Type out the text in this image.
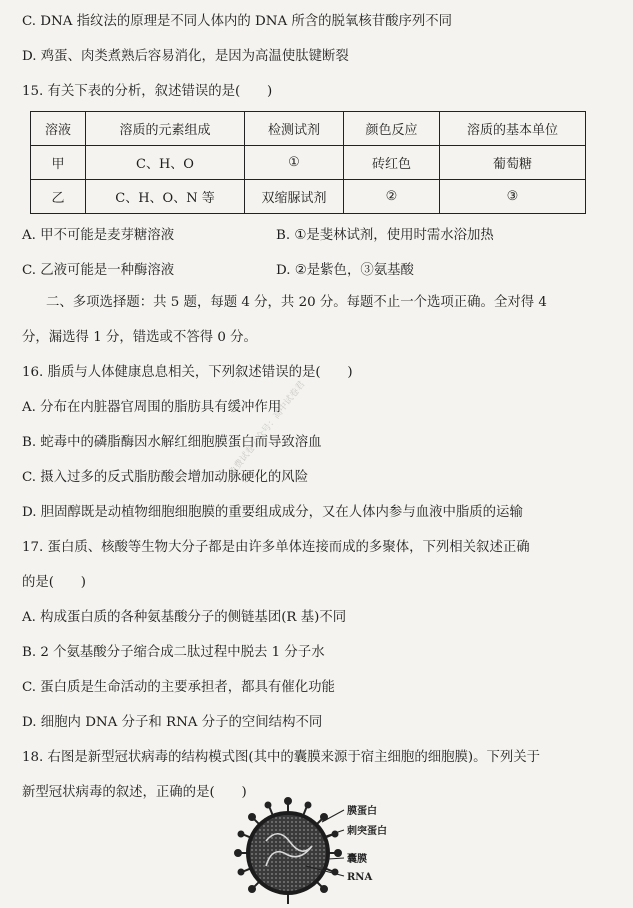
C. DNA 指纹法的原理是不同人体内的 DNA 所含的脱氧核苷酸序列不同
D. 鸡蛋、肉类煮熟后容易消化，是因为高温使肽键断裂
15. 有关下表的分析，叙述错误的是(　　)
溶液	溶质的元素组成	检测试剂	颜色反应	溶质的基本单位
甲	C、H、O	①	砖红色	葡萄糖
乙	C、H、O、N 等	双缩脲试剂	②	③
A. 甲不可能是麦芽糖溶液	B. ①是斐林试剂，使用时需水浴加热
C. 乙液可能是一种酶溶液	D. ②是紫色，③氨基酸
二、多项选择题：共 5 题，每题 4 分，共 20 分。每题不止一个选项正确。全对得 4
分，漏选得 1 分，错选或不答得 0 分。
16. 脂质与人体健康息息相关，下列叙述错误的是(　　)
A. 分布在内脏器官周围的脂肪具有缓冲作用
B. 蛇毒中的磷脂酶因水解红细胞膜蛋白而导致溶血
C. 摄入过多的反式脂肪酸会增加动脉硬化的风险
D. 胆固醇既是动植物细胞细胞膜的重要组成成分，又在人体内参与血液中脂质的运输
17. 蛋白质、核酸等生物大分子都是由许多单体连接而成的多聚体，下列相关叙述正确
的是(　　)
A. 构成蛋白质的各种氨基酸分子的侧链基团(R 基)不同
B. 2 个氨基酸分子缩合成二肽过程中脱去 1 分子水
C. 蛋白质是生命活动的主要承担者，都具有催化功能
D. 细胞内 DNA 分子和 RNA 分子的空间结构不同
18. 右图是新型冠状病毒的结构模式图(其中的囊膜来源于宿主细胞的细胞膜)。下列关于
新型冠状病毒的叙述，正确的是(　　)
免费试卷公众号：高中试卷君
膜蛋白
刺突蛋白
囊膜
RNA
